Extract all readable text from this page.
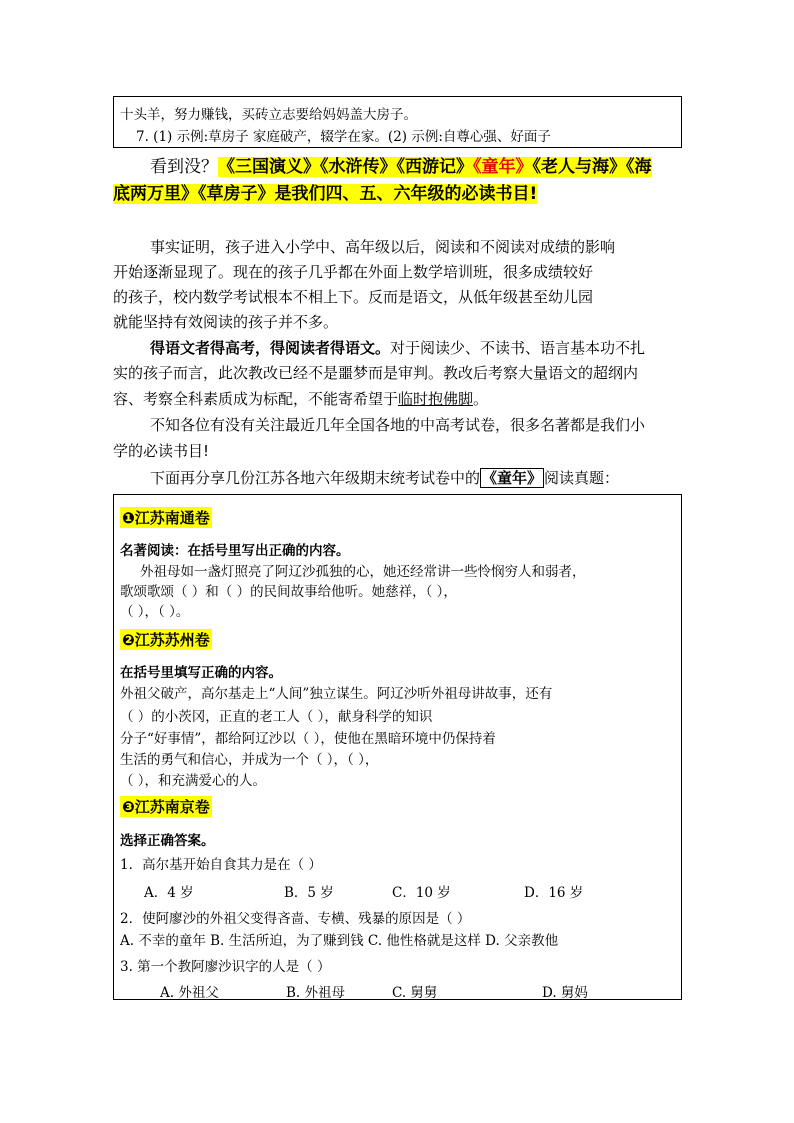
十头羊，努力赚钱，买砖立志要给妈妈盖大房子。
7. (1) 示例:草房子 家庭破产，辍学在家。(2) 示例:自尊心强、好面子
看到没？《三国演义》《水浒传》《西游记》《童年》《老人与海》《海
底两万里》《草房子》是我们四、五、六年级的必读书目!
事实证明，孩子进入小学中、高年级以后，阅读和不阅读对成绩的影响
开始逐渐显现了。现在的孩子几乎都在外面上数学培训班，很多成绩较好
的孩子，校内数学考试根本不相上下。反而是语文，从低年级甚至幼儿园
就能坚持有效阅读的孩子并不多。
得语文者得高考，得阅读者得语文。对于阅读少、不读书、语言基本功不扎
实的孩子而言，此次教改已经不是噩梦而是审判。教改后考察大量语文的超纲内
容、考察全科素质成为标配，不能寄希望于临时抱佛脚。
不知各位有没有关注最近几年全国各地的中高考试卷，很多名著都是我们小
学的必读书目!
下面再分享几份江苏各地六年级期末统考试卷中的 《童年》 阅读真题：
❶江苏南通卷
名著阅读：在括号里写出正确的内容。
外祖母如一盏灯照亮了阿辽沙孤独的心，她还经常讲一些怜悯穷人和弱者，
歌颂歌颂（ ）和（ ）的民间故事给他听。她慈祥，（ ），
（ ），（ ）。
❷江苏苏州卷
在括号里填写正确的内容。
外祖父破产，高尔基走上“人间”独立谋生。阿辽沙听外祖母讲故事，还有
（ ）的小茨冈，正直的老工人（ ），献身科学的知识
分子“好事情”，都给阿辽沙以（ ），使他在黑暗环境中仍保持着
生活的勇气和信心，并成为一个（ ），（ ），
（ ），和充满爱心的人。
❸江苏南京卷
选择正确答案。
1．高尔基开始自食其力是在（ ）
A．4 岁	B．5 岁	C．10 岁	D．16 岁
2．使阿廖沙的外祖父变得吝啬、专横、残暴的原因是（ ）
A. 不幸的童年 B. 生活所迫，为了赚到钱 C. 他性格就是这样 D. 父亲教他
3. 第一个教阿廖沙识字的人是（ ）
A. 外祖父	B. 外祖母	C. 舅舅	D. 舅妈
